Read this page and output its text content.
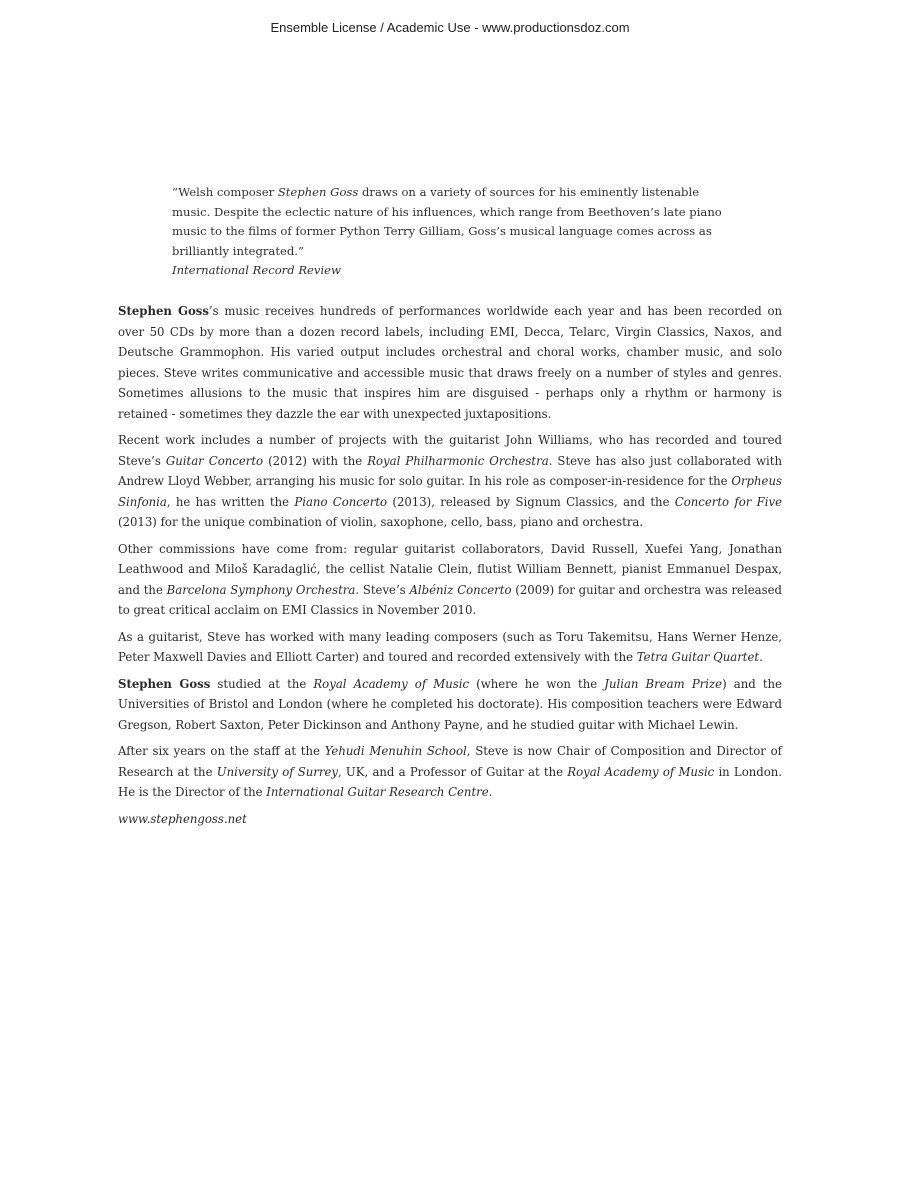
Ensemble License / Academic Use - www.productionsdoz.com
“Welsh composer Stephen Goss draws on a variety of sources for his eminently listenable music. Despite the eclectic nature of his influences, which range from Beethoven’s late piano music to the films of former Python Terry Gilliam, Goss’s musical language comes across as brilliantly integrated.”
International Record Review

Stephen Goss’s music receives hundreds of performances worldwide each year and has been recorded on over 50 CDs by more than a dozen record labels, including EMI, Decca, Telarc, Virgin Classics, Naxos, and Deutsche Grammophon. His varied output includes orchestral and choral works, chamber music, and solo pieces. Steve writes communicative and accessible music that draws freely on a number of styles and genres. Sometimes allusions to the music that inspires him are disguised - perhaps only a rhythm or harmony is retained - sometimes they dazzle the ear with unexpected juxtapositions.

Recent work includes a number of projects with the guitarist John Williams, who has recorded and toured Steve’s Guitar Concerto (2012) with the Royal Philharmonic Orchestra. Steve has also just collaborated with Andrew Lloyd Webber, arranging his music for solo guitar. In his role as composer-in-residence for the Orpheus Sinfonia, he has written the Piano Concerto (2013), released by Signum Classics, and the Concerto for Five (2013) for the unique combination of violin, saxophone, cello, bass, piano and orchestra.

Other commissions have come from: regular guitarist collaborators, David Russell, Xuefei Yang, Jonathan Leathwood and Miloš Karadaglić, the cellist Natalie Clein, flutist William Bennett, pianist Emmanuel Despax, and the Barcelona Symphony Orchestra. Steve’s Albéniz Concerto (2009) for guitar and orchestra was released to great critical acclaim on EMI Classics in November 2010.

As a guitarist, Steve has worked with many leading composers (such as Toru Takemitsu, Hans Werner Henze, Peter Maxwell Davies and Elliott Carter) and toured and recorded extensively with the Tetra Guitar Quartet.

Stephen Goss studied at the Royal Academy of Music (where he won the Julian Bream Prize) and the Universities of Bristol and London (where he completed his doctorate). His composition teachers were Edward Gregson, Robert Saxton, Peter Dickinson and Anthony Payne, and he studied guitar with Michael Lewin.

After six years on the staff at the Yehudi Menuhin School, Steve is now Chair of Composition and Director of Research at the University of Surrey, UK, and a Professor of Guitar at the Royal Academy of Music in London. He is the Director of the International Guitar Research Centre.

www.stephengoss.net
